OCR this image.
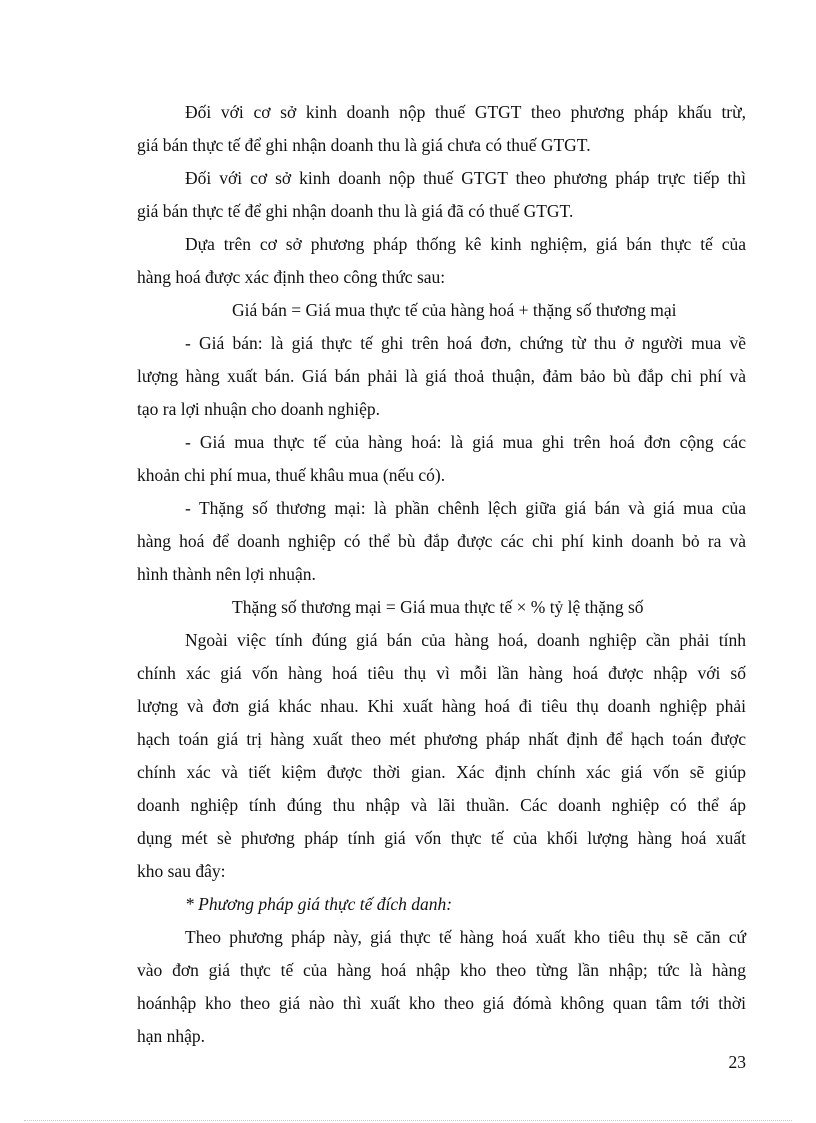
Đối với cơ sở kinh doanh nộp thuế GTGT theo phương pháp khấu trừ,
giá bán thực tế để ghi nhận doanh thu là giá chưa có thuế GTGT.
Đối với cơ sở kinh doanh nộp thuế GTGT theo phương pháp trực tiếp thì
giá bán thực tế để ghi nhận doanh thu là giá đã có thuế GTGT.
Dựa trên cơ sở phương pháp thống kê kinh nghiệm, giá bán thực tế của
hàng hoá được xác định theo công thức sau:
Giá bán = Giá mua thực tế của hàng hoá + thặng số thương mại
- Giá bán: là giá thực tế ghi trên hoá đơn, chứng từ thu ở người mua về
lượng hàng xuất bán. Giá bán phải là giá thoả thuận, đảm bảo bù đắp chi phí và
tạo ra lợi nhuận cho doanh nghiệp.
- Giá mua thực tế của hàng hoá: là giá mua ghi trên hoá đơn cộng các
khoản chi phí mua, thuế khâu mua (nếu có).
- Thặng số thương mại: là phần chênh lệch giữa giá bán và giá mua của
hàng hoá để doanh nghiệp có thể bù đắp được các chi phí kinh doanh bỏ ra và
hình thành nên lợi nhuận.
Thặng số thương mại = Giá mua thực tế × % tỷ lệ thặng số
Ngoài việc tính đúng giá bán của hàng hoá, doanh nghiệp cần phải tính
chính xác giá vốn hàng hoá tiêu thụ vì mỗi lần hàng hoá được nhập với số
lượng và đơn giá khác nhau. Khi xuất hàng hoá đi tiêu thụ doanh nghiệp phải
hạch toán giá trị hàng xuất theo mét phương pháp nhất định để hạch toán được
chính xác và tiết kiệm được thời gian. Xác định chính xác giá vốn sẽ giúp
doanh nghiệp tính đúng thu nhập và lãi thuần. Các doanh nghiệp có thể áp
dụng mét sè phương pháp tính giá vốn thực tế của khối lượng hàng hoá xuất
kho sau đây:
* Phương pháp giá thực tế đích danh:
Theo phương pháp này, giá thực tế hàng hoá xuất kho tiêu thụ sẽ căn cứ
vào đơn giá thực tế của hàng hoá nhập kho theo từng lần nhập; tức là hàng
hoánhập kho theo giá nào thì xuất kho theo giá đómà không quan tâm tới thời
hạn nhập.
23
